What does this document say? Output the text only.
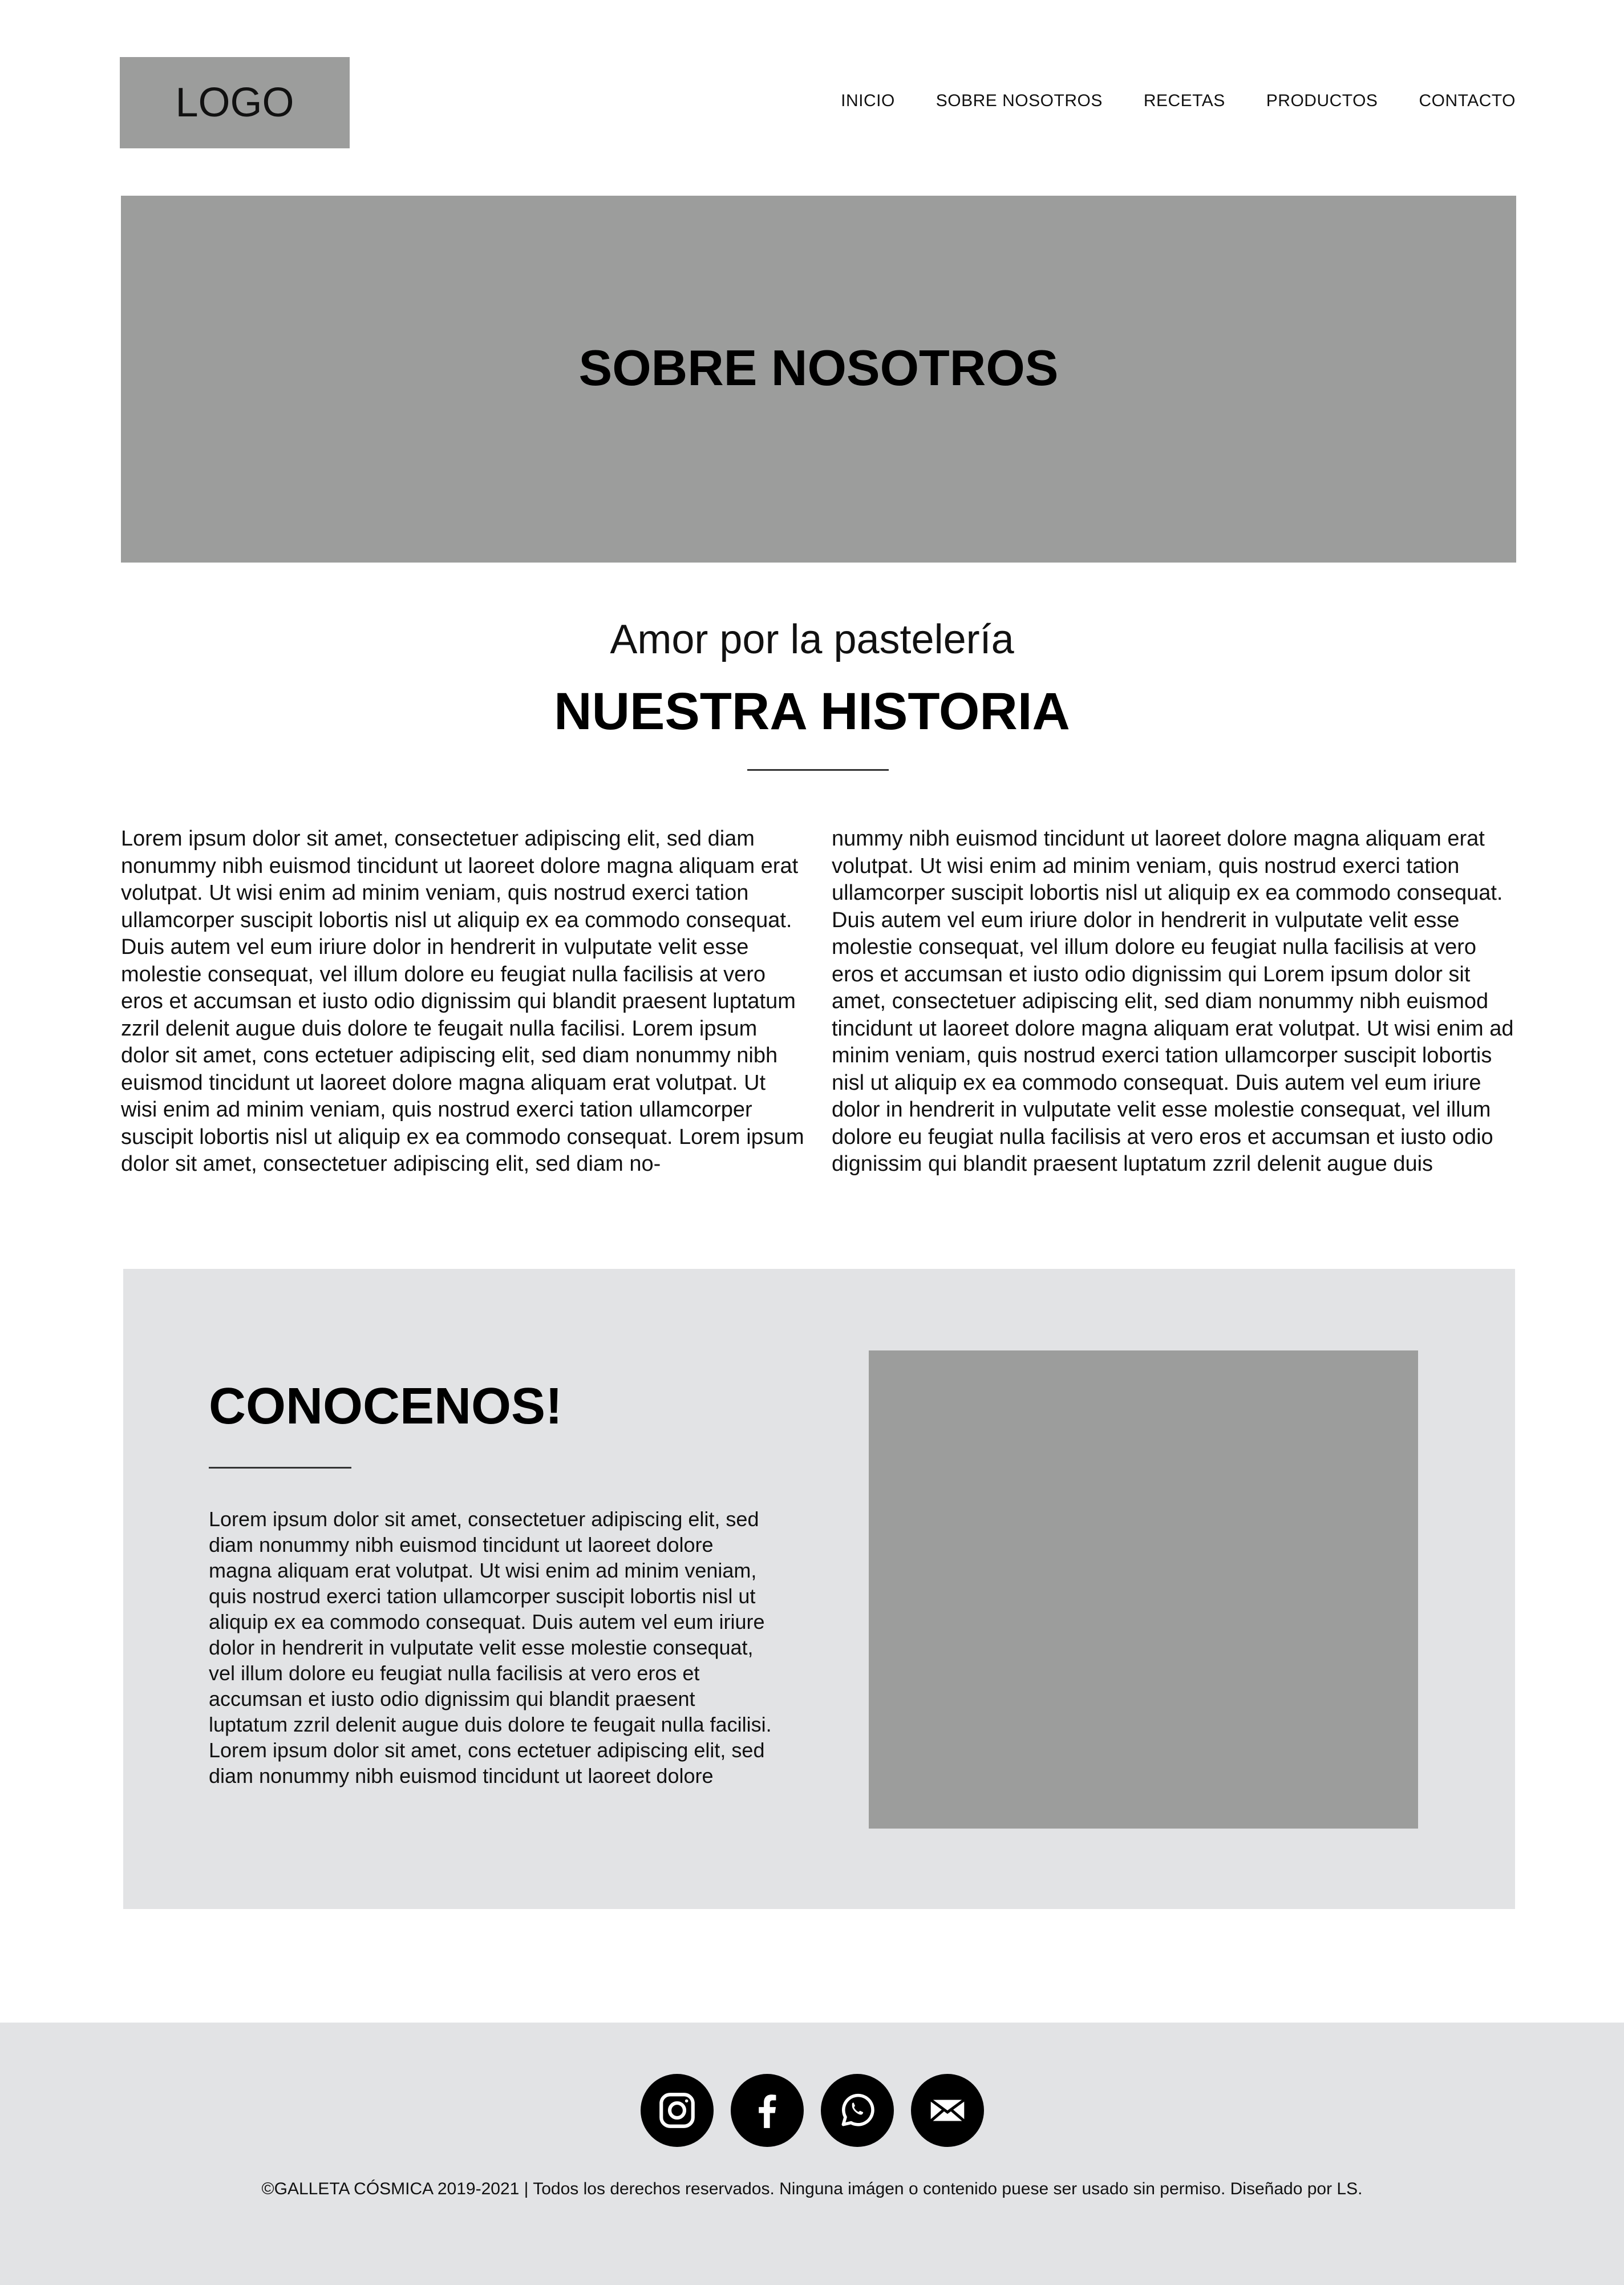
LOGO	INICIO SOBRE NOSOTROS RECETAS PRODUCTOS CONTACTO
SOBRE NOSOTROS
Amor por la pastelería
NUESTRA HISTORIA

Lorem ipsum dolor sit amet, consectetuer adipiscing elit, sed diam nonummy nibh euismod tincidunt ut laoreet dolore magna aliquam erat volutpat. Ut wisi enim ad minim veniam, quis nostrud exerci tation ullamcorper suscipit lobortis nisl ut aliquip ex ea commodo consequat. Duis autem vel eum iriure dolor in hendrerit in vulputate velit esse molestie consequat, vel illum dolore eu feugiat nulla facilisis at vero eros et accumsan et iusto odio dignissim qui blandit praesent luptatum zzril delenit augue duis dolore te feugait nulla facilisi. Lorem ipsum dolor sit amet, cons ectetuer adipiscing elit, sed diam nonummy nibh euismod tincidunt ut laoreet dolore magna aliquam erat volutpat. Ut wisi enim ad minim veniam, quis nostrud exerci tation ullamcorper suscipit lobortis nisl ut aliquip ex ea commodo consequat. Lorem ipsum dolor sit amet, consectetuer adipiscing elit, sed diam no-

nummy nibh euismod tincidunt ut laoreet dolore magna aliquam erat volutpat. Ut wisi enim ad minim veniam, quis nostrud exerci tation ullamcorper suscipit lobortis nisl ut aliquip ex ea commodo consequat. Duis autem vel eum iriure dolor in hendrerit in vulputate velit esse molestie consequat, vel illum dolore eu feugiat nulla facilisis at vero eros et accumsan et iusto odio dignissim qui Lorem ipsum dolor sit amet, consectetuer adipiscing elit, sed diam nonummy nibh euismod tincidunt ut laoreet dolore magna aliquam erat volutpat. Ut wisi enim ad minim veniam, quis nostrud exerci tation ullamcorper suscipit lobortis nisl ut aliquip ex ea commodo consequat. Duis autem vel eum iriure dolor in hendrerit in vulputate velit esse molestie consequat, vel illum dolore eu feugiat nulla facilisis at vero eros et accumsan et iusto odio dignissim qui blandit praesent luptatum zzril delenit augue duis

CONOCENOS!

Lorem ipsum dolor sit amet, consectetuer adipiscing elit, sed diam nonummy nibh euismod tincidunt ut laoreet dolore magna aliquam erat volutpat. Ut wisi enim ad minim veniam, quis nostrud exerci tation ullamcorper suscipit lobortis nisl ut aliquip ex ea commodo consequat. Duis autem vel eum iriure dolor in hendrerit in vulputate velit esse molestie consequat, vel illum dolore eu feugiat nulla facilisis at vero eros et accumsan et iusto odio dignissim qui blandit praesent luptatum zzril delenit augue duis dolore te feugait nulla facilisi. Lorem ipsum dolor sit amet, cons ectetuer adipiscing elit, sed diam nonummy nibh euismod tincidunt ut laoreet dolore

©GALLETA CÓSMICA 2019-2021 | Todos los derechos reservados. Ninguna imágen o contenido puese ser usado sin permiso. Diseñado por LS.
